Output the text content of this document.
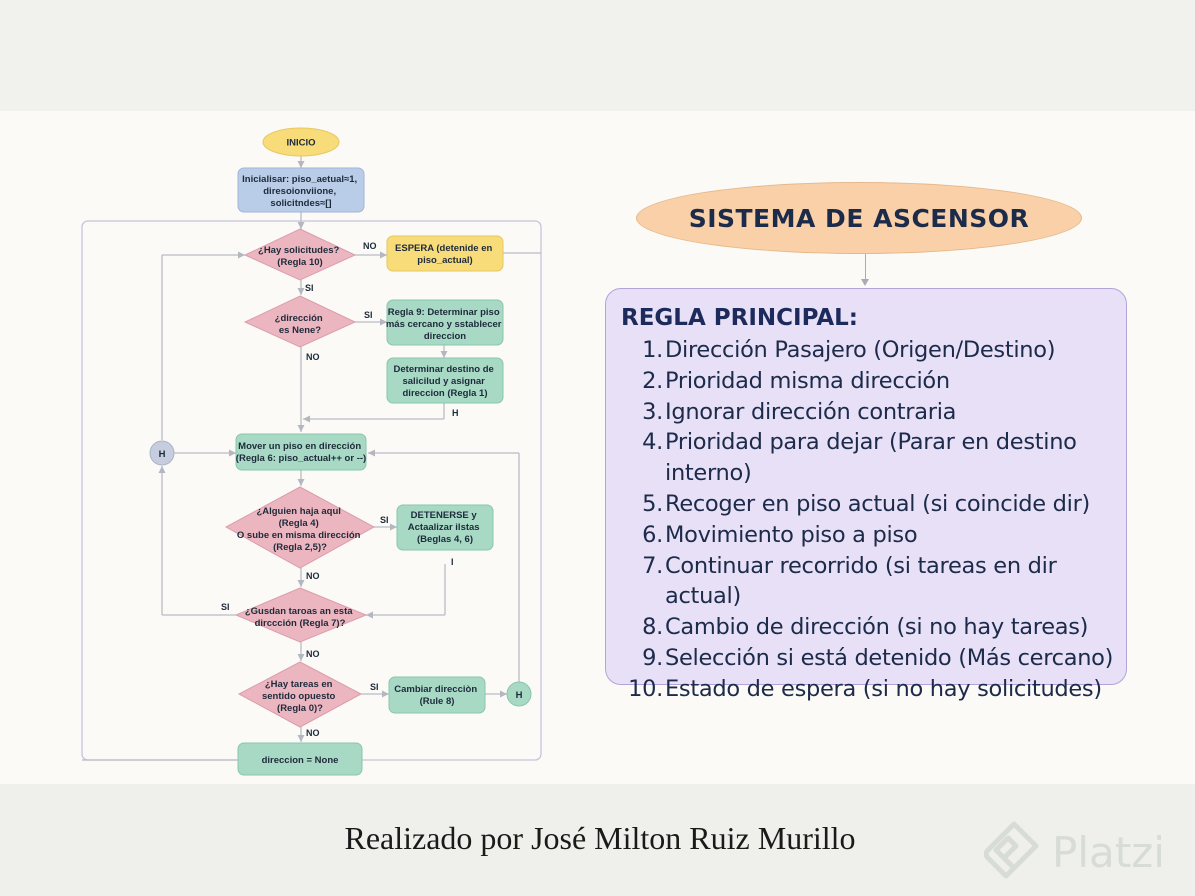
INICIO
Inicialisar: piso_aetual≈1, diresoionviione, solicitndes≈[]
¿Hay solicitudes? (Regla 10)
ESPERA (detenide en piso_actual)
¿dirección es Nene?
Regla 9: Determinar piso más cercano y sstablecer direccion
Determinar destino de salicilud y asignar direccion (Regla 1)
Mover un piso en dirección (Regla 6: piso_actual++ or --)
¿Alguien haja aqul (Regla 4) O sube en misma dirección (Regla 2,5)?
DETENERSE y Actaalizar ilstas (Beglas 4, 6)
¿Gusdan taroas an esta dirccción (Regla 7)?
¿Hay tareas en sentido opuesto (Regla 0)?
Cambiar direcciòn (Rule 8)
direccion = None
H
H
NO
SI
SI
NO
H
SI
NO
I
SI
NO
SI
NO
SISTEMA DE ASCENSOR
REGLA PRINCIPAL:
1. Dirección Pasajero (Origen/Destino)
2. Prioridad misma dirección
3. Ignorar dirección contraria
4. Prioridad para dejar (Parar en destino interno)
5. Recoger en piso actual (si coincide dir)
6. Movimiento piso a piso
7. Continuar recorrido (si tareas en dir actual)
8. Cambio de dirección (si no hay tareas)
9. Selección si está detenido (Más cercano)
10. Estado de espera (si no hay solicitudes)
Realizado por José Milton Ruiz Murillo	Platzi
